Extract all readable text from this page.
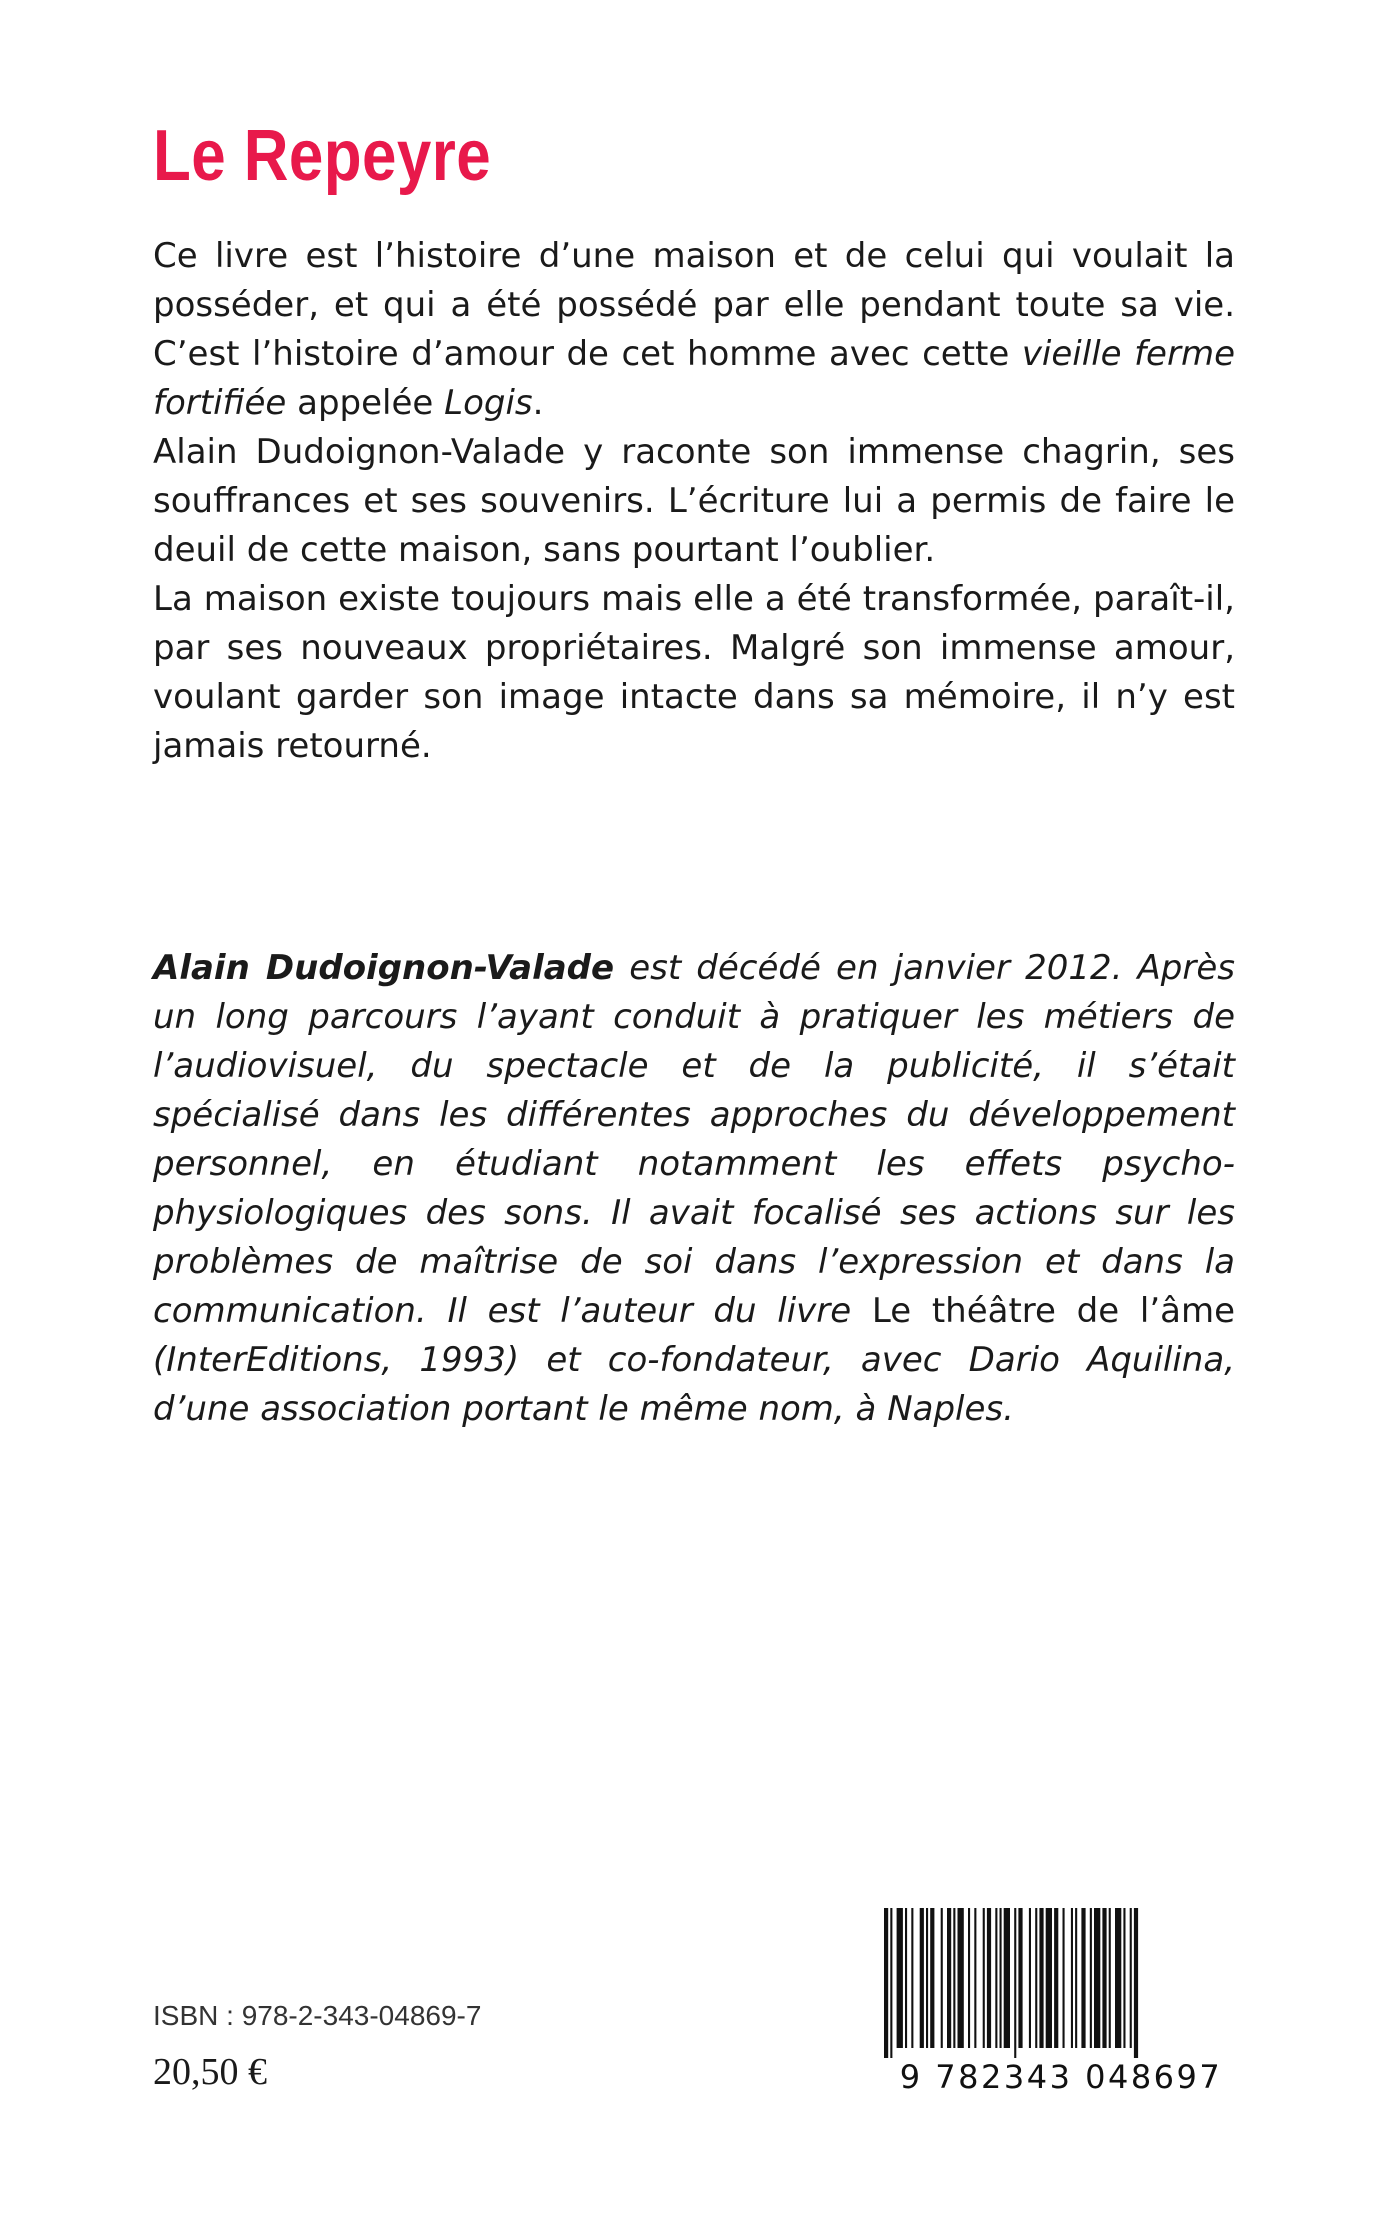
Le Repeyre

Ce livre est l’histoire d’une maison et de celui qui voulait la posséder, et qui a été possédé par elle pendant toute sa vie. C’est l’histoire d’amour de cet homme avec cette vieille ferme fortifiée appelée Logis.

Alain Dudoignon-Valade y raconte son immense chagrin, ses souffrances et ses souvenirs. L’écriture lui a permis de faire le deuil de cette maison, sans pourtant l’oublier.

La maison existe toujours mais elle a été transformée, paraît-il, par ses nouveaux propriétaires. Malgré son immense amour, voulant garder son image intacte dans sa mémoire, il n’y est jamais retourné.

Alain Dudoignon-Valade est décédé en janvier 2012. Après un long parcours l’ayant conduit à pratiquer les métiers de l’audiovisuel, du spectacle et de la publicité, il s’était spécialisé dans les différentes approches du développement personnel, en étudiant notamment les effets psycho-physiologiques des sons. Il avait focalisé ses actions sur les problèmes de maîtrise de soi dans l’expression et dans la communication. Il est l’auteur du livre Le théâtre de l’âme (InterEditions, 1993) et co-fondateur, avec Dario Aquilina, d’une association portant le même nom, à Naples.

ISBN : 978-2-343-04869-7
20,50 €	9 782343 048697
